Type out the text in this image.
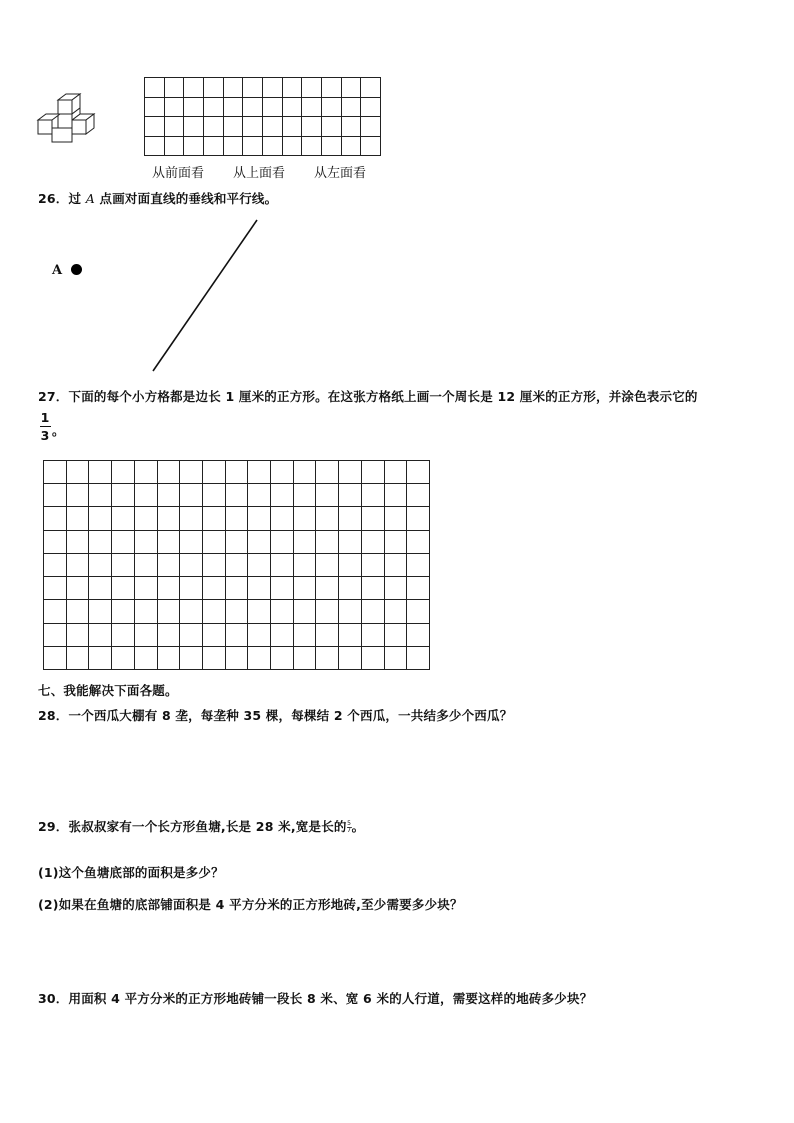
从前面看 从上面看 从左面看
26．过 A 点画对面直线的垂线和平行线。
A
27．下面的每个小方格都是边长 1 厘米的正方形。在这张方格纸上画一个周长是 12 厘米的正方形，并涂色表示它的
1
3 。

七、我能解决下面各题。
28．一个西瓜大棚有 8 垄，每垄种 35 棵，每棵结 2 个西瓜，一共结多少个西瓜？
29．张叔叔家有一个长方形鱼塘,长是 28 米,宽是长的 $\frac{5}{7}$ 。
(1)这个鱼塘底部的面积是多少？
(2)如果在鱼塘的底部铺面积是 4 平方分米的正方形地砖,至少需要多少块？
30．用面积 4 平方分米的正方形地砖铺一段长 8 米、宽 6 米的人行道，需要这样的地砖多少块？
